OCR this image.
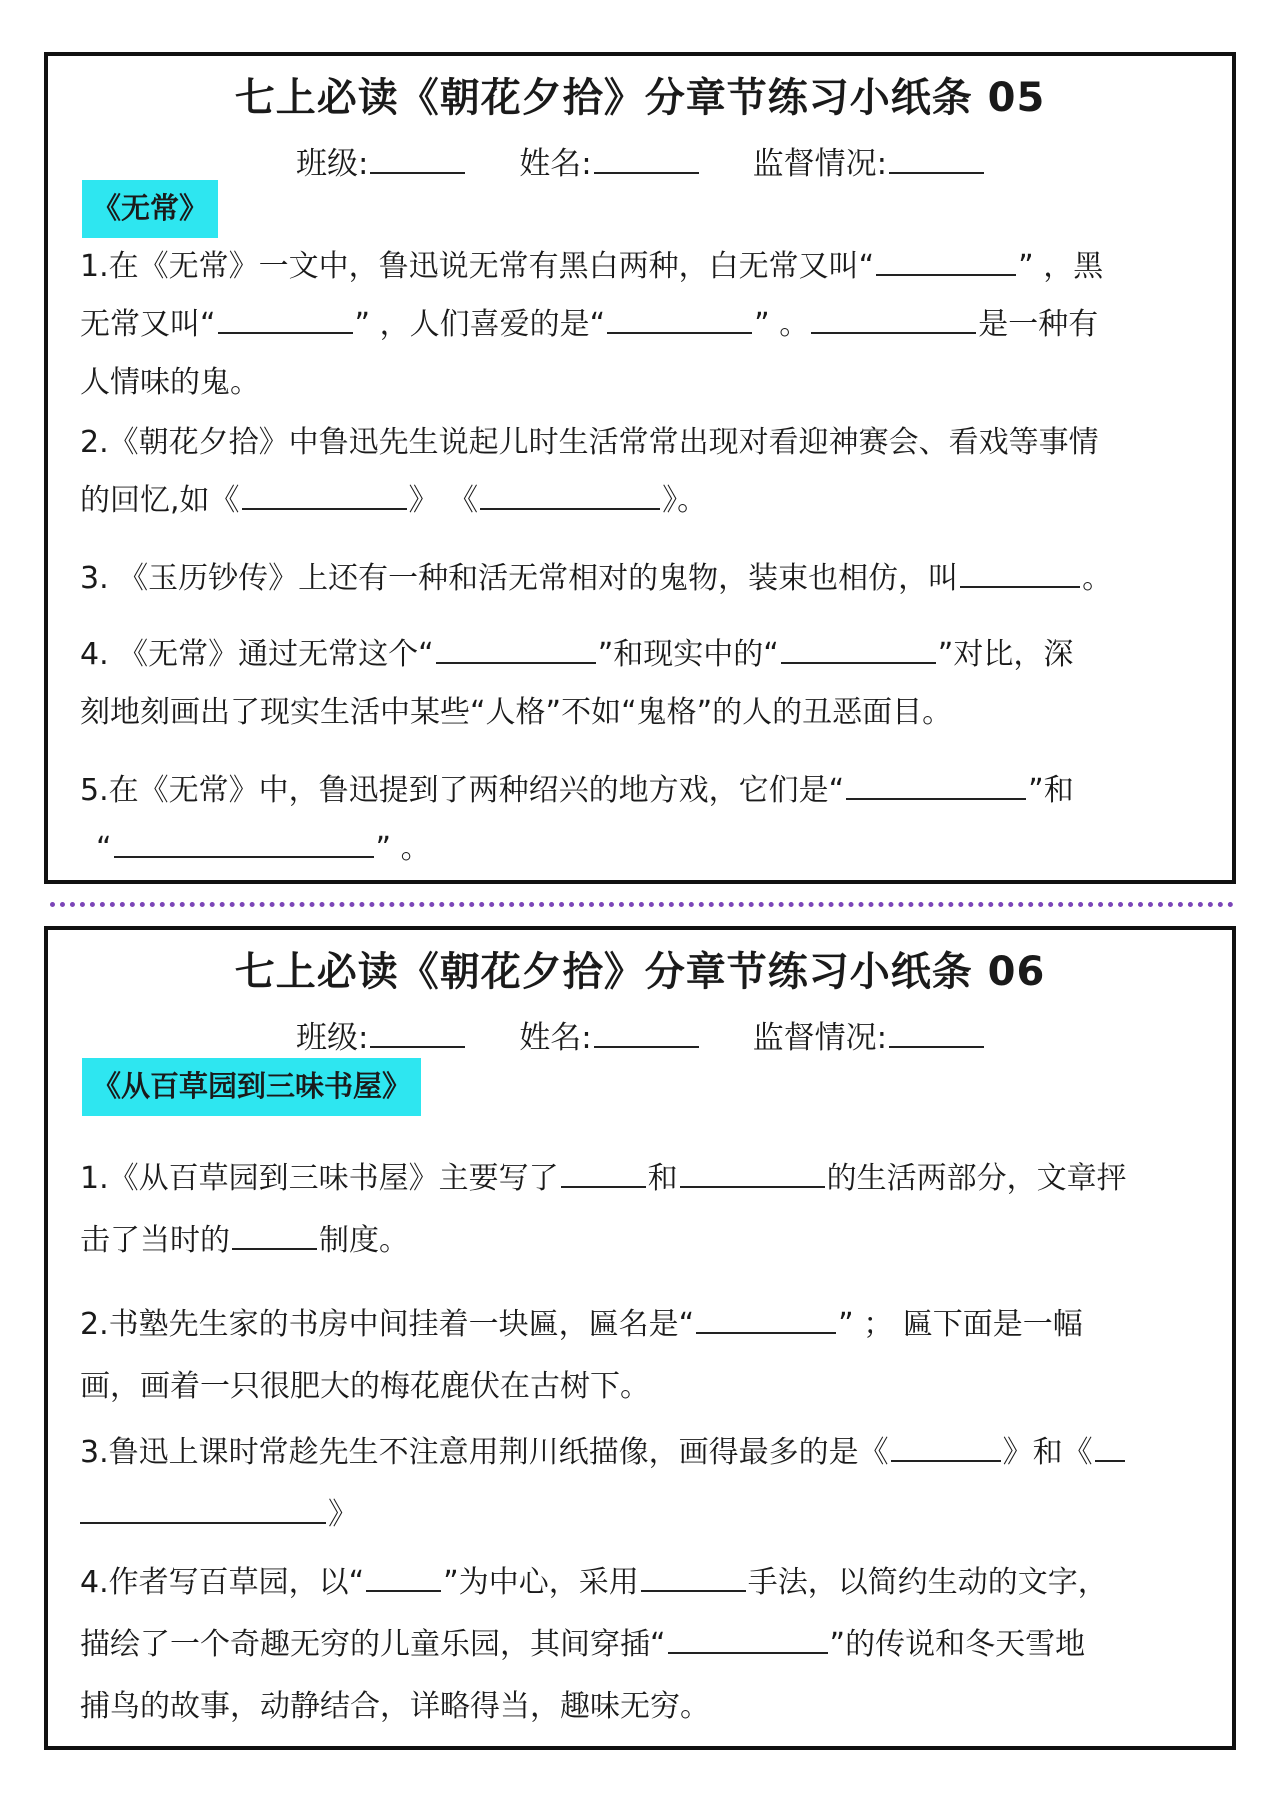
七上必读《朝花夕拾》分章节练习小纸条 05
班级:	姓名:	监督情况:
《无常》
1.在《无常》一文中，鲁迅说无常有黑白两种，白无常又叫“	” ，黑
无常又叫“	” ，人们喜爱的是“	” 。	是一种有
人情味的鬼。
2.《朝花夕拾》中鲁迅先生说起儿时生活常常出现对看迎神赛会、看戏等事情
的回忆,如《	》 《	》。
3. 《玉历钞传》上还有一种和活无常相对的鬼物，装束也相仿，叫	。
4. 《无常》通过无常这个“	”和现实中的“	”对比，深
刻地刻画出了现实生活中某些“人格”不如“鬼格”的人的丑恶面目。
5.在《无常》中，鲁迅提到了两种绍兴的地方戏，它们是“	”和
“	” 。
七上必读《朝花夕拾》分章节练习小纸条 06
班级:	姓名:	监督情况:
《从百草园到三味书屋》
1.《从百草园到三味书屋》主要写了	和	的生活两部分，文章抨
击了当时的	制度。
2.书塾先生家的书房中间挂着一块匾，匾名是“	” ； 匾下面是一幅
画，画着一只很肥大的梅花鹿伏在古树下。
3.鲁迅上课时常趁先生不注意用荆川纸描像，画得最多的是《	》和《
》
4.作者写百草园，以“	”为中心，采用	手法，以简约生动的文字，
描绘了一个奇趣无穷的儿童乐园，其间穿插“	”的传说和冬天雪地
捕鸟的故事，动静结合，详略得当，趣味无穷。
